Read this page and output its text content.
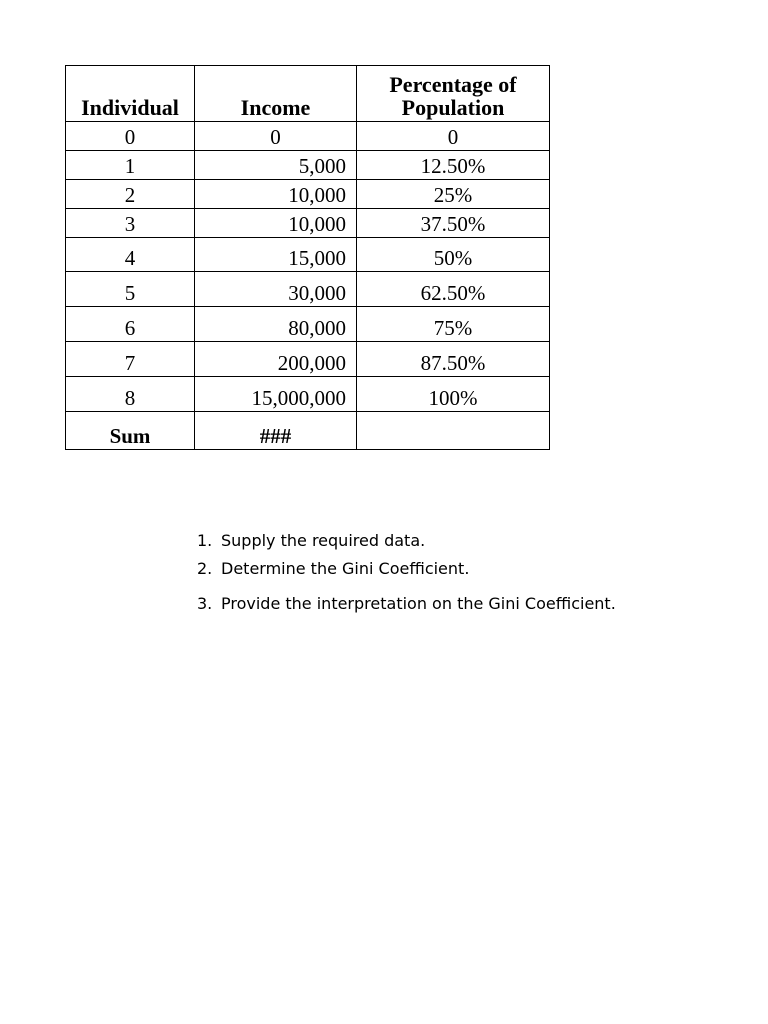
Individual	Income	Percentage of
Population
0	0	0
1	5,000	12.50%
2	10,000	25%
3	10,000	37.50%
4	15,000	50%
5	30,000	62.50%
6	80,000	75%
7	200,000	87.50%
8	15,000,000	100%
Sum	###	
1. Supply the required data.
2. Determine the Gini Coefficient.
3. Provide the interpretation on the Gini Coefficient.
